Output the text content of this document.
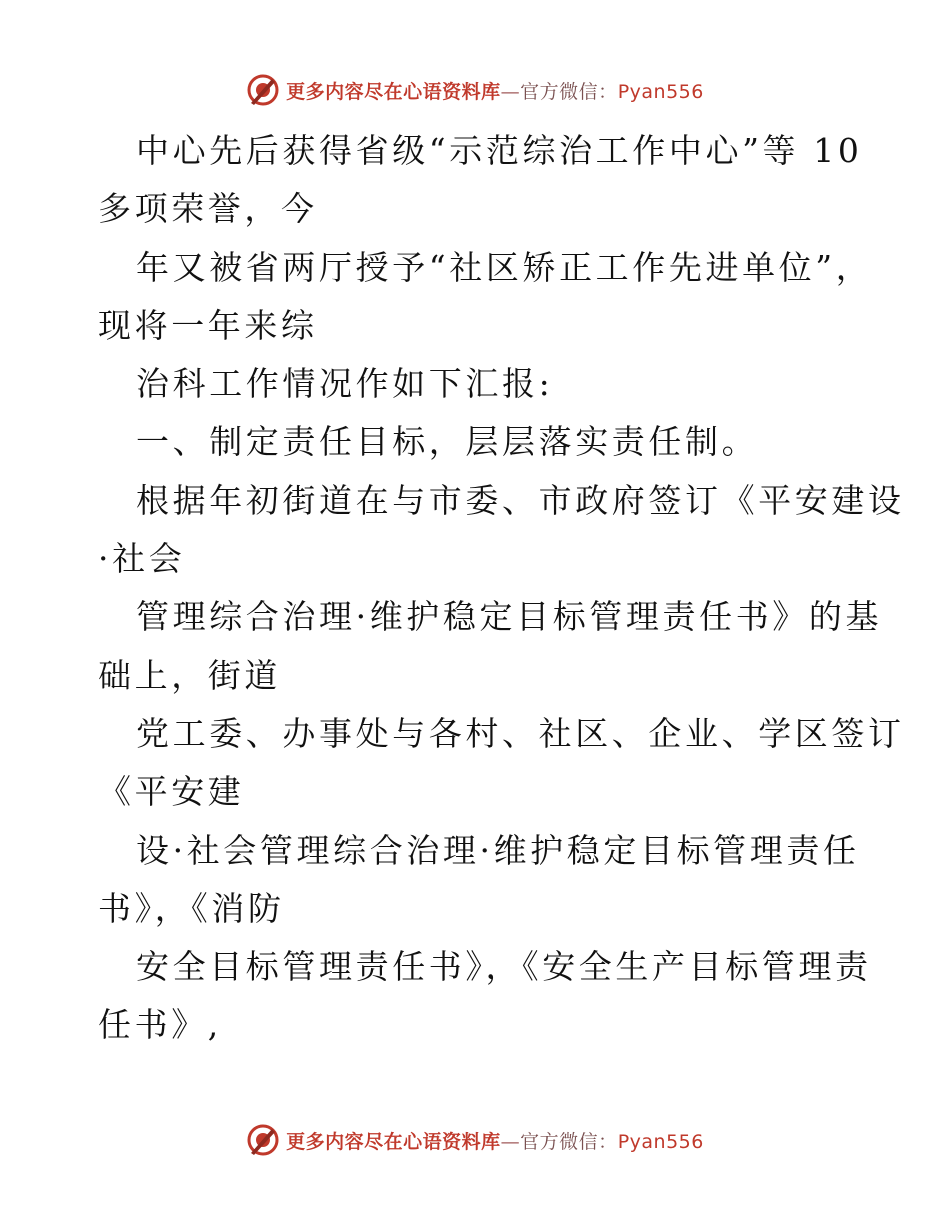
更多内容尽在心语资料库—官方微信：Pyan556
中心先后获得省级“示范综治工作中心”等 10
多项荣誉，今
年又被省两厅授予“社区矫正工作先进单位”，
现将一年来综
治科工作情况作如下汇报:
一、制定责任目标，层层落实责任制。
根据年初街道在与市委、市政府签订《平安建设
·社会
管理综合治理·维护稳定目标管理责任书》的基
础上，街道
党工委、办事处与各村、社区、企业、学区签订
《平安建
设·社会管理综合治理·维护稳定目标管理责任
书》，《消防
安全目标管理责任书》，《安全生产目标管理责
任书》,
更多内容尽在心语资料库—官方微信：Pyan556
